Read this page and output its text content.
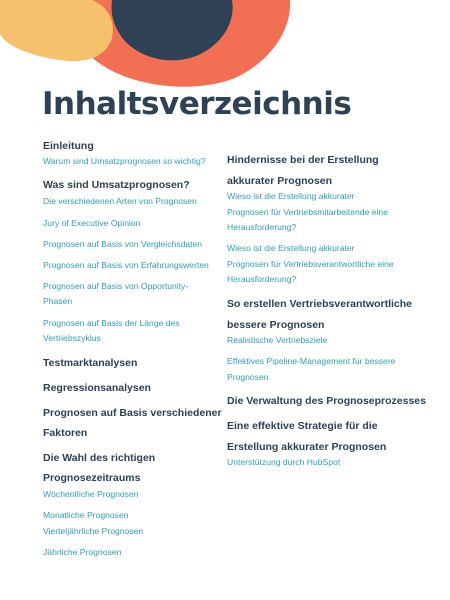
Inhaltsverzeichnis
Einleitung
Warum sind Umsatzprognosen so wichtig?
Was sind Umsatzprognosen?
Die verschiedenen Arten von Prognosen
Jury of Executive Opinion
Prognosen auf Basis von Vergleichsdaten
Prognosen auf Basis von Erfahrungswerten
Prognosen auf Basis von Opportunity-
Phasen
Prognosen auf Basis der Länge des
Vertriebszyklus
Testmarktanalysen
Regressionsanalysen
Prognosen auf Basis verschiedener
Faktoren
Die Wahl des richtigen
Prognosezeitraums
Wöchentliche Prognosen
Monatliche Prognosen
Vierteljährliche Prognosen
Jährliche Prognosen
Hindernisse bei der Erstellung
akkurater Prognosen
Wieso ist die Erstellung akkurater
Prognosen für Vertriebsmitarbeitende eine
Herausforderung?
Wieso ist die Erstellung akkurater
Prognosen für Vertriebsverantwortliche eine
Herausforderung?
So erstellen Vertriebsverantwortliche
bessere Prognosen
Realistische Vertriebsziele
Effektives Pipeline-Management für bessere
Prognosen
Die Verwaltung des Prognoseprozesses
Eine effektive Strategie für die
Erstellung akkurater Prognosen
Unterstützung durch HubSpot
